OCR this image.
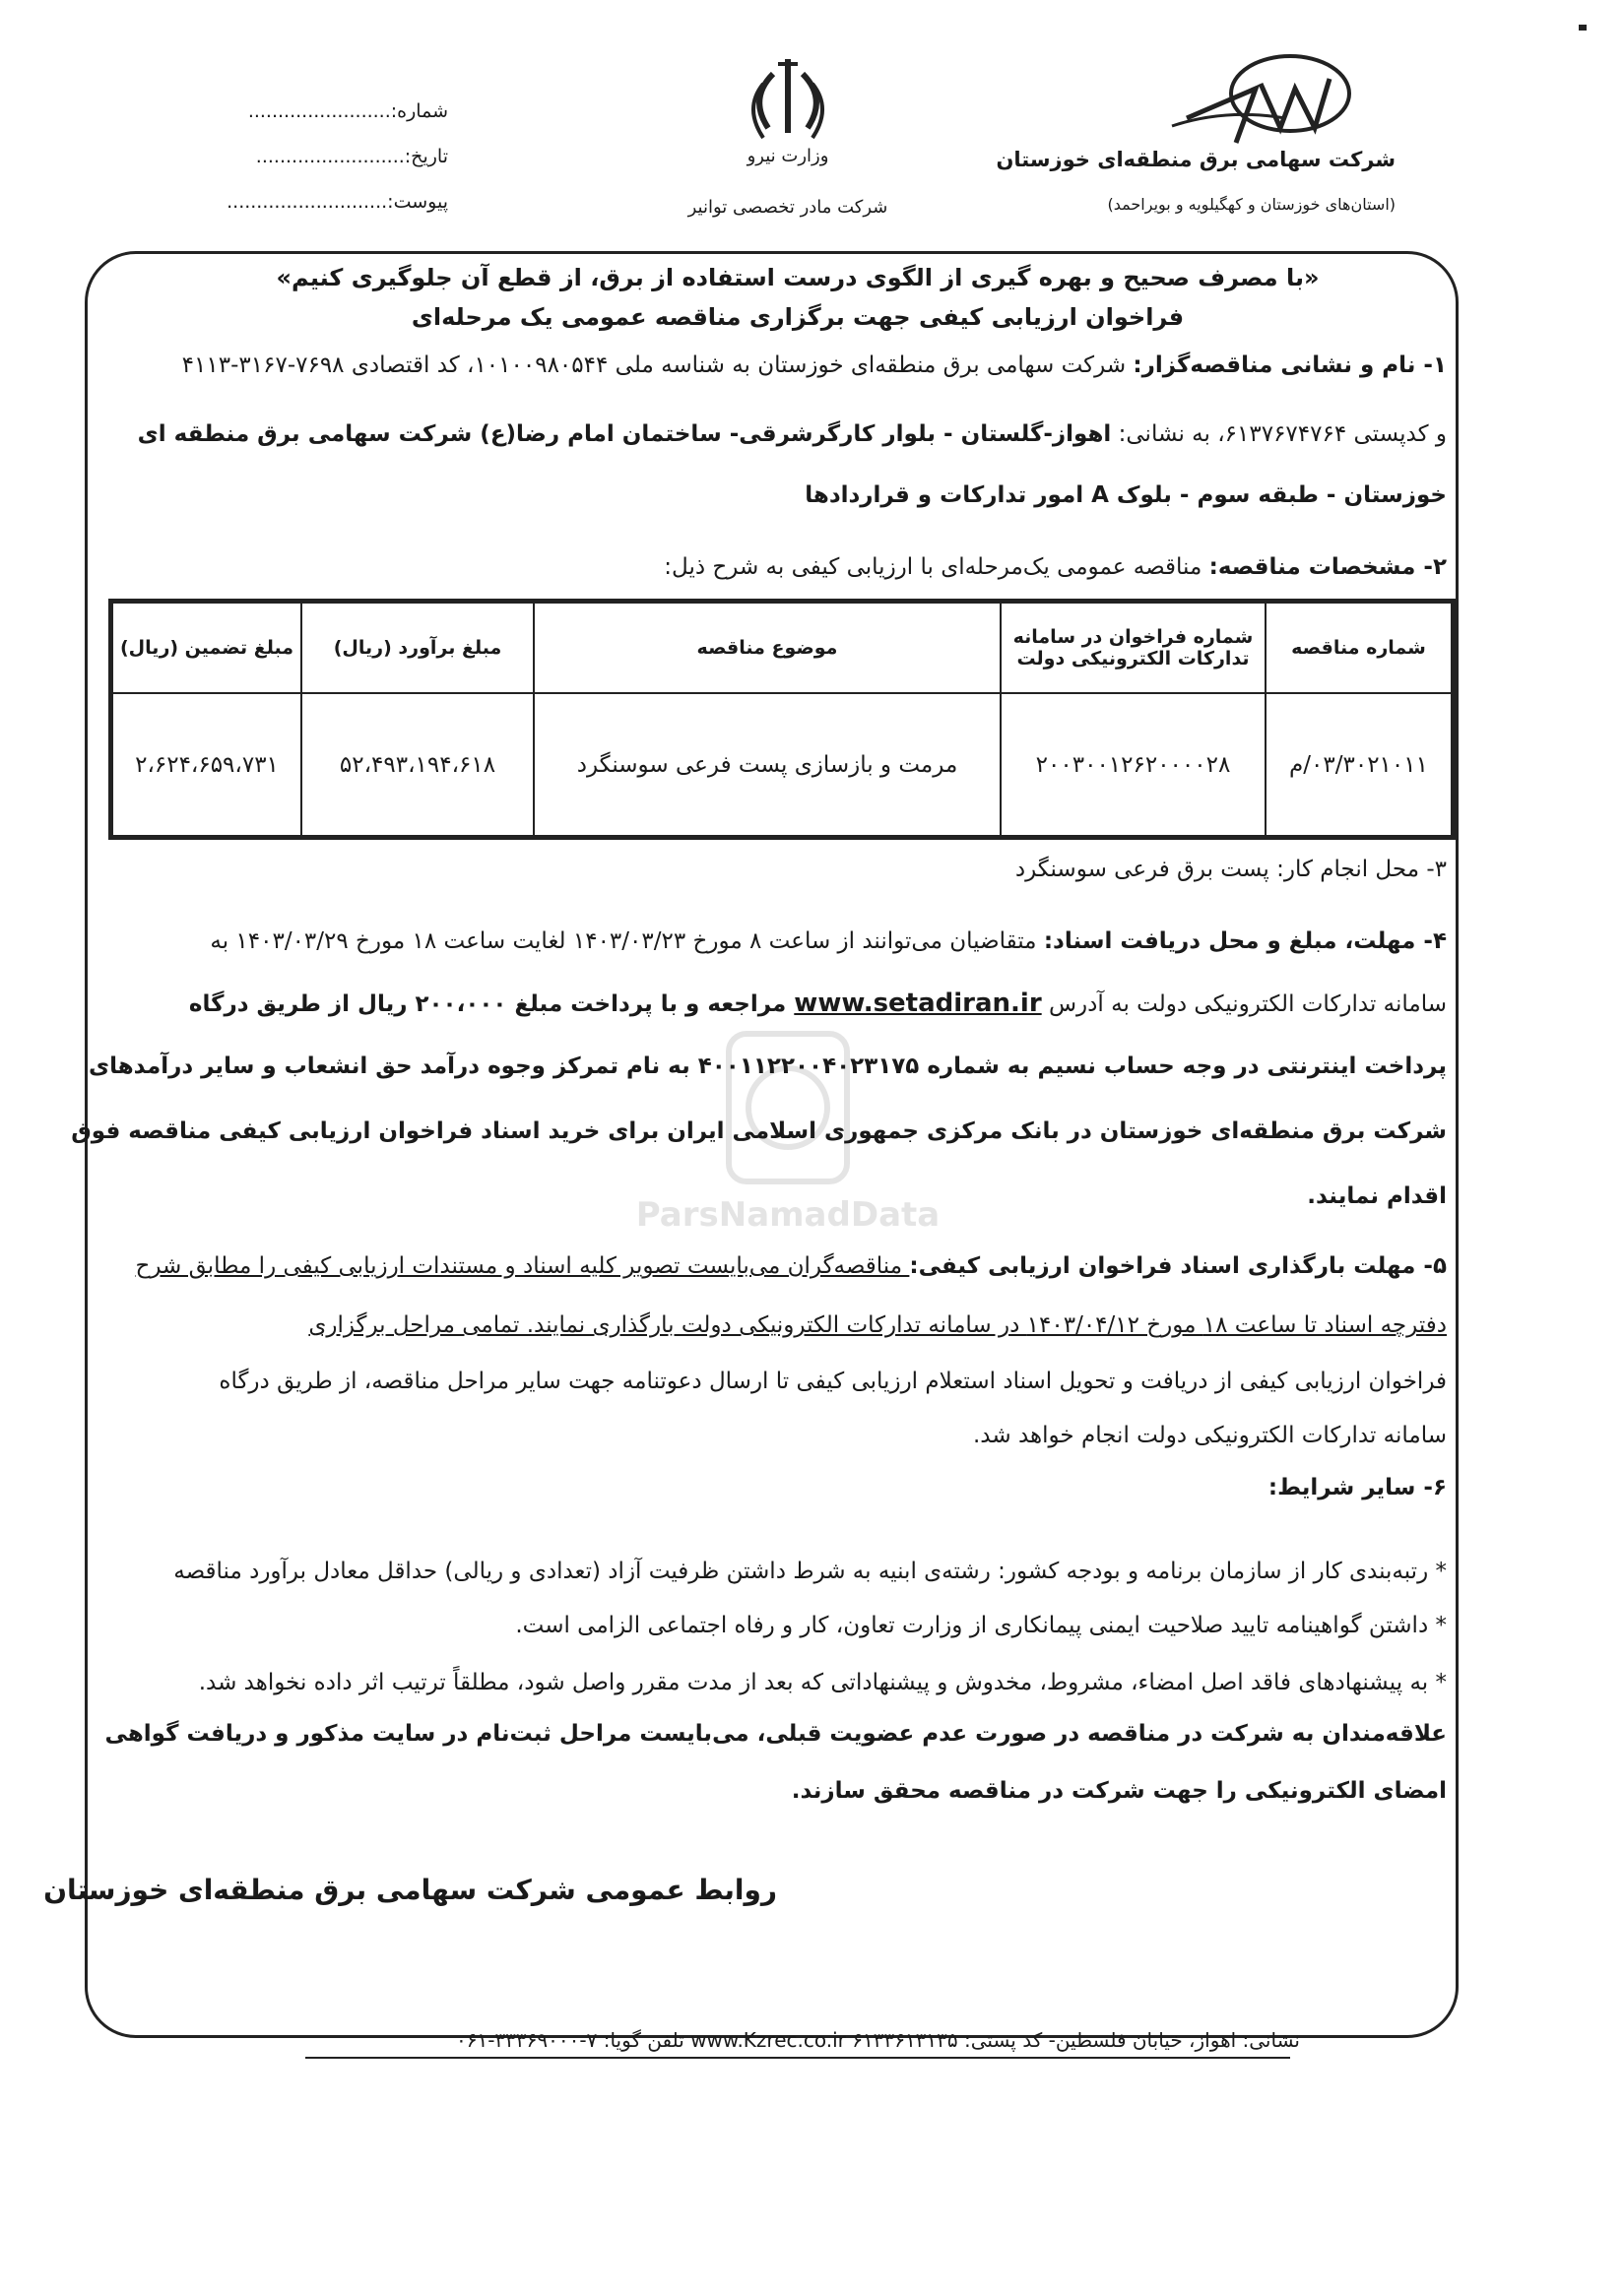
شرکت سهامی برق منطقه‌ای خوزستان
(استان‌های خوزستان و کهگیلویه و بویراحمد)
وزارت نیرو
شرکت مادر تخصصی توانیر
شماره:........................
تاریخ:.........................
پیوست:...........................
ParsNamadData
«با مصرف صحیح و بهره گیری از الگوی درست استفاده از برق، از قطع آن جلوگیری کنیم»
فراخوان ارزیابی کیفی جهت برگزاری مناقصه عمومی یک مرحله‌ای
۱- نام و نشانی مناقصه‌گزار: شرکت سهامی برق منطقه‌ای خوزستان به شناسه ملی ۱۰۱۰۰۹۸۰۵۴۴، کد اقتصادی ۷۶۹۸-۳۱۶۷-۴۱۱۳
و کدپستی ۶۱۳۷۶۷۴۷۶۴، به نشانی: اهواز-گلستان - بلوار کارگرشرقی- ساختمان امام رضا(ع) شرکت سهامی برق منطقه ای
خوزستان - طبقه سوم - بلوک A امور تدارکات و قراردادها
۲- مشخصات مناقصه: مناقصه عمومی یک‌مرحله‌ای با ارزیابی کیفی به شرح ذیل:
شماره مناقصه	شماره فراخوان در سامانه تدارکات الکترونیکی دولت	موضوع مناقصه	مبلغ برآورد (ریال)	مبلغ تضمین (ریال)
۰۳/۳۰۲۱۰۱۱/م	۲۰۰۳۰۰۱۲۶۲۰۰۰۰۲۸	مرمت و بازسازی پست فرعی سوسنگرد	۵۲،۴۹۳،۱۹۴،۶۱۸	۲،۶۲۴،۶۵۹،۷۳۱
۳- محل انجام کار: پست برق فرعی سوسنگرد
۴- مهلت، مبلغ و محل دریافت اسناد: متقاضیان می‌توانند از ساعت ۸ مورخ ۱۴۰۳/۰۳/۲۳ لغایت ساعت ۱۸ مورخ ۱۴۰۳/۰۳/۲۹ به
سامانه تدارکات الکترونیکی دولت به آدرس www.setadiran.ir مراجعه و با پرداخت مبلغ ۲۰۰،۰۰۰ ریال از طریق درگاه
پرداخت اینترنتی در وجه حساب نسیم به شماره ۴۰۰۱۱۲۲۰۰۴۰۲۳۱۷۵ به نام تمرکز وجوه درآمد حق انشعاب و سایر درآمدهای
شرکت برق منطقه‌ای خوزستان در بانک مرکزی جمهوری اسلامی ایران برای خرید اسناد فراخوان ارزیابی کیفی مناقصه فوق
اقدام نمایند.
۵- مهلت بارگذاری اسناد فراخوان ارزیابی کیفی: مناقصه‌گران می‌بایست تصویر کلیه اسناد و مستندات ارزیابی کیفی را مطابق شرح
دفترچه اسناد تا ساعت ۱۸ مورخ ۱۴۰۳/۰۴/۱۲ در سامانه تدارکات الکترونیکی دولت بارگذاری نمایند. تمامی مراحل برگزاری
فراخوان ارزیابی کیفی از دریافت و تحویل اسناد استعلام ارزیابی کیفی تا ارسال دعوتنامه جهت سایر مراحل مناقصه، از طریق درگاه
سامانه تدارکات الکترونیکی دولت انجام خواهد شد.
۶- سایر شرایط:
* رتبه‌بندی کار از سازمان برنامه و بودجه کشور: رشته‌ی ابنیه به شرط داشتن ظرفیت آزاد (تعدادی و ریالی) حداقل معادل برآورد مناقصه
* داشتن گواهینامه تایید صلاحیت ایمنی پیمانکاری از وزارت تعاون، کار و رفاه اجتماعی الزامی است.
* به پیشنهادهای فاقد اصل امضاء، مشروط، مخدوش و پیشنهاداتی که بعد از مدت مقرر واصل شود، مطلقاً ترتیب اثر داده نخواهد شد.
علاقه‌مندان به شرکت در مناقصه در صورت عدم عضویت قبلی، می‌بایست مراحل ثبت‌نام در سایت مذکور و دریافت گواهی
امضای الکترونیکی را جهت شرکت در مناقصه محقق سازند.
روابط عمومی شرکت سهامی برق منطقه‌ای خوزستان
نشانی: اهواز، خیابان فلسطین- کد پستی: ۶۱۳۳۶۱۳۱۳۵ www.Kzrec.co.ir تلفن گویا: ۷-۳۳۳۶۹۰۰۰-۰۶۱
